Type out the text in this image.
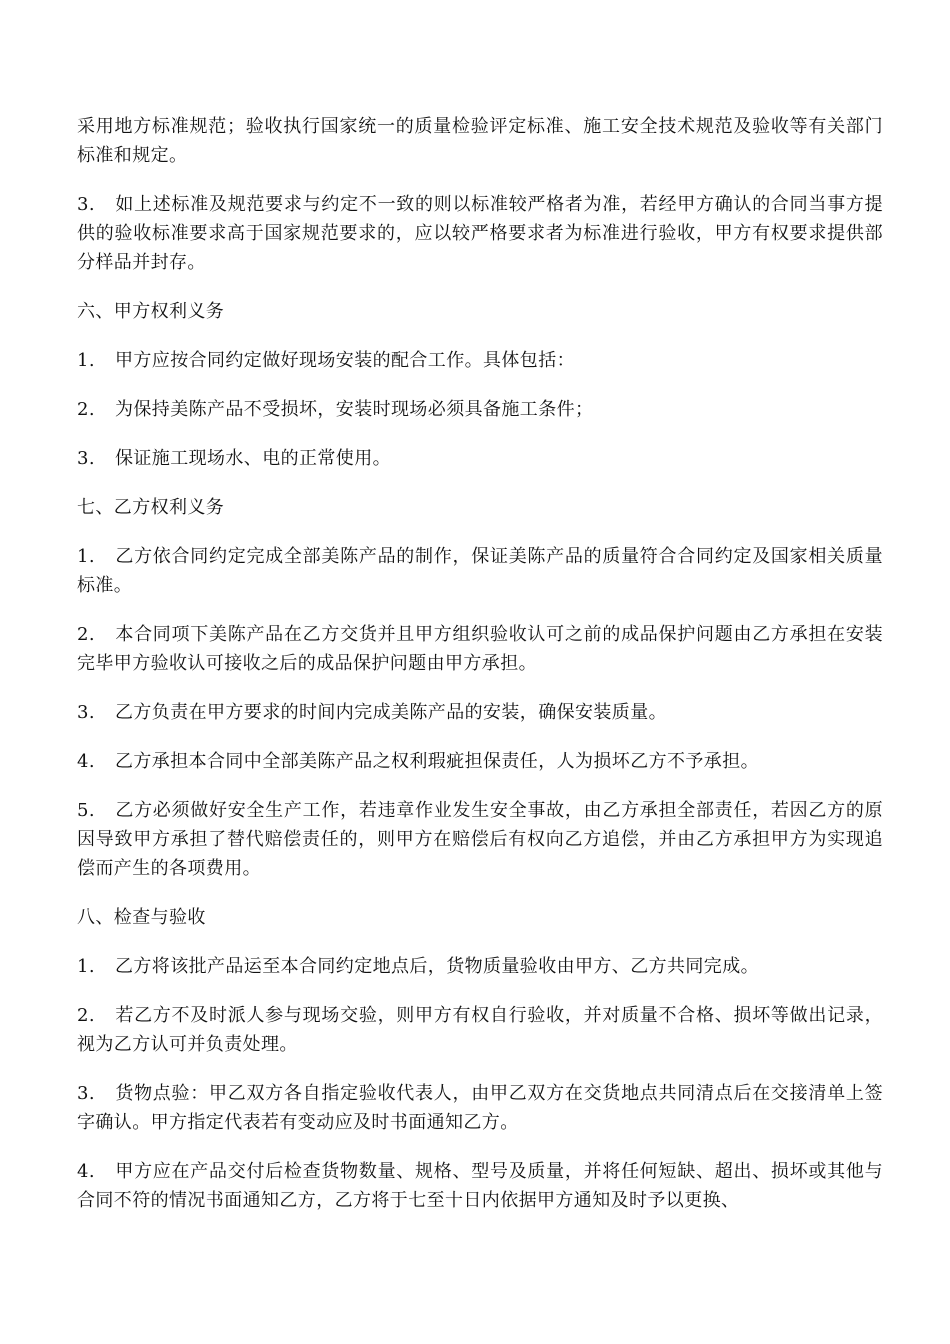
采用地方标准规范；验收执行国家统一的质量检验评定标准、施工安全技术规范及验收等有关部门标准和规定。

3. 如上述标准及规范要求与约定不一致的则以标准较严格者为准，若经甲方确认的合同当事方提供的验收标准要求高于国家规范要求的，应以较严格要求者为标准进行验收，甲方有权要求提供部分样品并封存。

六、甲方权利义务

1. 甲方应按合同约定做好现场安装的配合工作。具体包括：

2. 为保持美陈产品不受损坏，安装时现场必须具备施工条件；

3. 保证施工现场水、电的正常使用。

七、乙方权利义务

1. 乙方依合同约定完成全部美陈产品的制作，保证美陈产品的质量符合合同约定及国家相关质量标准。

2. 本合同项下美陈产品在乙方交货并且甲方组织验收认可之前的成品保护问题由乙方承担在安装完毕甲方验收认可接收之后的成品保护问题由甲方承担。

3. 乙方负责在甲方要求的时间内完成美陈产品的安装，确保安装质量。

4. 乙方承担本合同中全部美陈产品之权利瑕疵担保责任，人为损坏乙方不予承担。

5. 乙方必须做好安全生产工作，若违章作业发生安全事故，由乙方承担全部责任，若因乙方的原因导致甲方承担了替代赔偿责任的，则甲方在赔偿后有权向乙方追偿，并由乙方承担甲方为实现追偿而产生的各项费用。

八、检查与验收

1. 乙方将该批产品运至本合同约定地点后，货物质量验收由甲方、乙方共同完成。

2. 若乙方不及时派人参与现场交验，则甲方有权自行验收，并对质量不合格、损坏等做出记录，视为乙方认可并负责处理。

3. 货物点验：甲乙双方各自指定验收代表人，由甲乙双方在交货地点共同清点后在交接清单上签字确认。甲方指定代表若有变动应及时书面通知乙方。

4. 甲方应在产品交付后检查货物数量、规格、型号及质量，并将任何短缺、超出、损坏或其他与合同不符的情况书面通知乙方，乙方将于七至十日内依据甲方通知及时予以更换、
